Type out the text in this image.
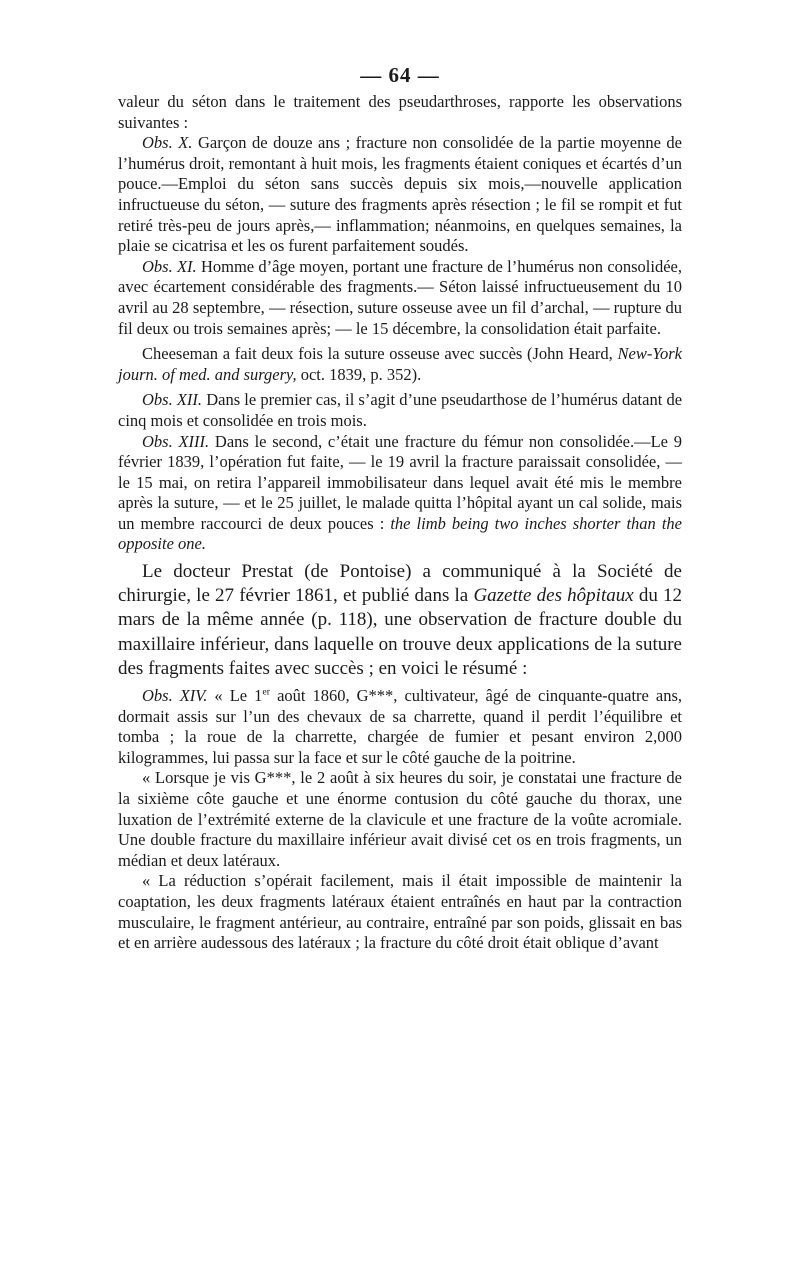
— 64 —

valeur du séton dans le traitement des pseudarthroses, rapporte les observations suivantes :

Obs. X. Garçon de douze ans ; fracture non consolidée de la partie moyenne de l’humérus droit, remontant à huit mois, les fragments étaient coniques et écartés d’un pouce.—Emploi du séton sans succès depuis six mois,—nouvelle application infructueuse du séton, — suture des fragments après résection ; le fil se rompit et fut retiré très-peu de jours après,— inflammation; néanmoins, en quelques semaines, la plaie se cicatrisa et les os furent parfaitement soudés.

Obs. XI. Homme d’âge moyen, portant une fracture de l’humérus non consolidée, avec écartement considérable des fragments.— Séton laissé infructueusement du 10 avril au 28 septembre, — résection, suture osseuse avee un fil d’archal, — rupture du fil deux ou trois semaines après; — le 15 décembre, la consolidation était parfaite.

Cheeseman a fait deux fois la suture osseuse avec succès (John Heard, New-York journ. of med. and surgery, oct. 1839, p. 352).

Obs. XII. Dans le premier cas, il s’agit d’une pseudarthose de l’humérus datant de cinq mois et consolidée en trois mois.

Obs. XIII. Dans le second, c’était une fracture du fémur non consolidée.—Le 9 février 1839, l’opération fut faite, — le 19 avril la fracture paraissait consolidée, — le 15 mai, on retira l’appareil immobilisateur dans lequel avait été mis le membre après la suture, — et le 25 juillet, le malade quitta l’hôpital ayant un cal solide, mais un membre raccourci de deux pouces : the limb being two inches shorter than the opposite one.

Le docteur Prestat (de Pontoise) a communiqué à la Société de chirurgie, le 27 février 1861, et publié dans la Gazette des hôpitaux du 12 mars de la même année (p. 118), une observation de fracture double du maxillaire inférieur, dans laquelle on trouve deux applications de la suture des fragments faites avec succès ; en voici le résumé :

Obs. XIV. « Le 1er août 1860, G***, cultivateur, âgé de cinquante-quatre ans, dormait assis sur l’un des chevaux de sa charrette, quand il perdit l’équilibre et tomba ; la roue de la charrette, chargée de fumier et pesant environ 2,000 kilogrammes, lui passa sur la face et sur le côté gauche de la poitrine.

« Lorsque je vis G***, le 2 août à six heures du soir, je constatai une fracture de la sixième côte gauche et une énorme contusion du côté gauche du thorax, une luxation de l’extrémité externe de la clavicule et une fracture de la voûte acromiale. Une double fracture du maxillaire inférieur avait divisé cet os en trois fragments, un médian et deux latéraux.

« La réduction s’opérait facilement, mais il était impossible de maintenir la coaptation, les deux fragments latéraux étaient entraînés en haut par la contraction musculaire, le fragment antérieur, au contraire, entraîné par son poids, glissait en bas et en arrière audessous des latéraux ; la fracture du côté droit était oblique d’avant
